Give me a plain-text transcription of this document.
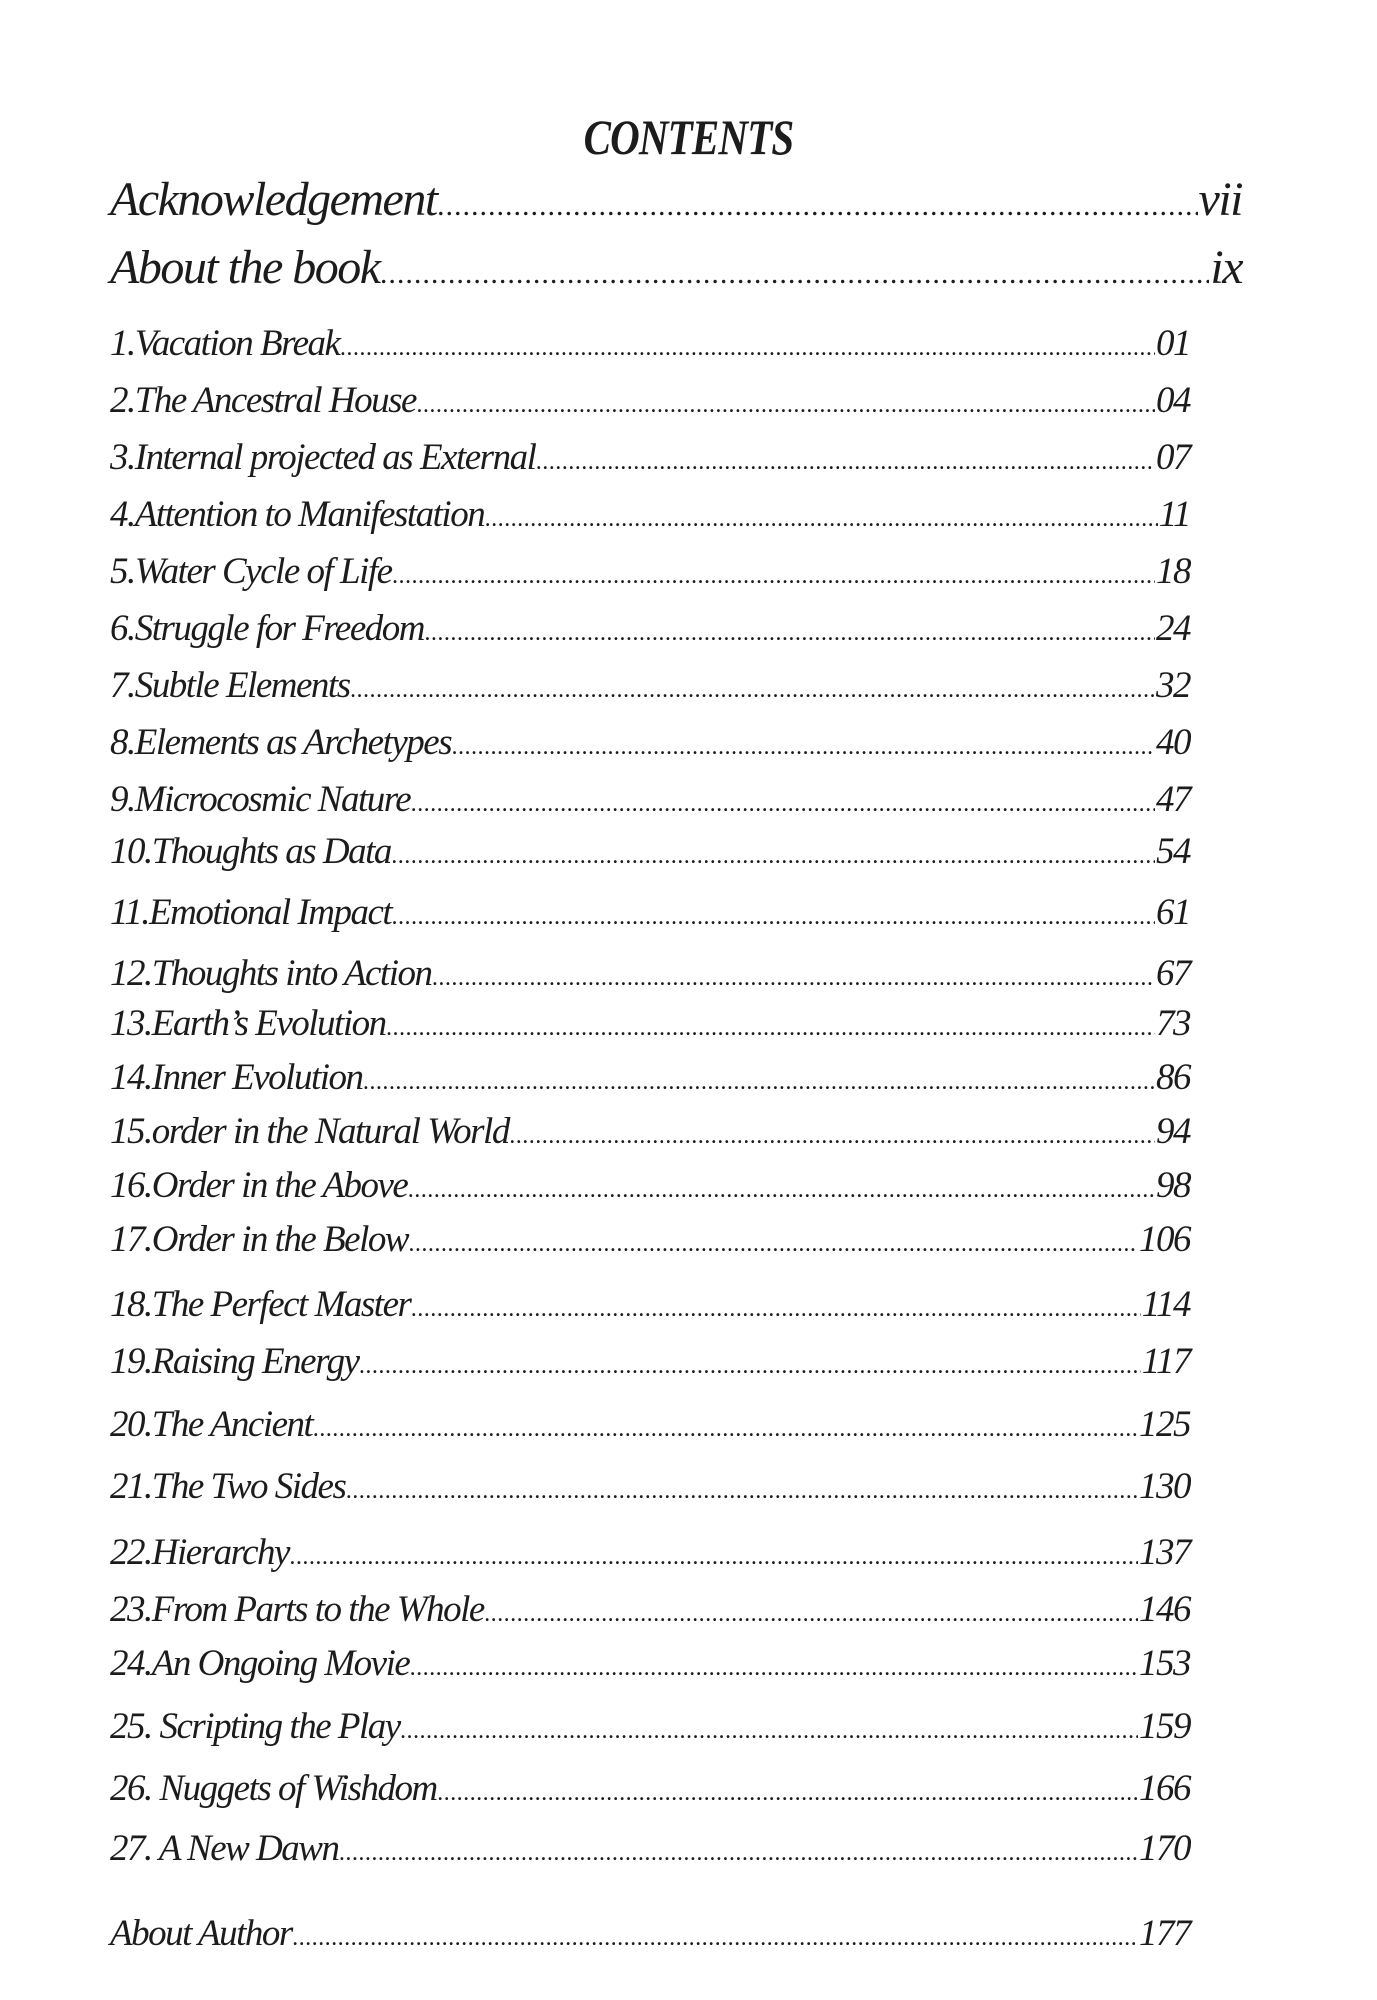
CONTENTS
Acknowledgement .....	vii
About the book .....	ix
1.Vacation Break .....	01
2.The Ancestral House .....	04
3.Internal projected as External .....	07
4.Attention to Manifestation .....	11
5.Water Cycle of Life .....	18
6.Struggle for Freedom .....	24
7.Subtle Elements .....	32
8.Elements as Archetypes .....	40
9.Microcosmic Nature .....	47
10.Thoughts as Data .....	54
11.Emotional Impact .....	61
12.Thoughts into Action .....	67
13.Earth’s Evolution .....	73
14.Inner Evolution .....	86
15.order in the Natural World .....	94
16.Order in the Above .....	98
17.Order in the Below .....	106
18.The Perfect Master .....	114
19.Raising Energy .....	117
20.The Ancient .....	125
21.The Two Sides .....	130
22.Hierarchy .....	137
23.From Parts to the Whole .....	146
24.An Ongoing Movie .....	153
25. Scripting the Play .....	159
26. Nuggets of Wishdom .....	166
27. A New Dawn .....	170
About Author .....	177
